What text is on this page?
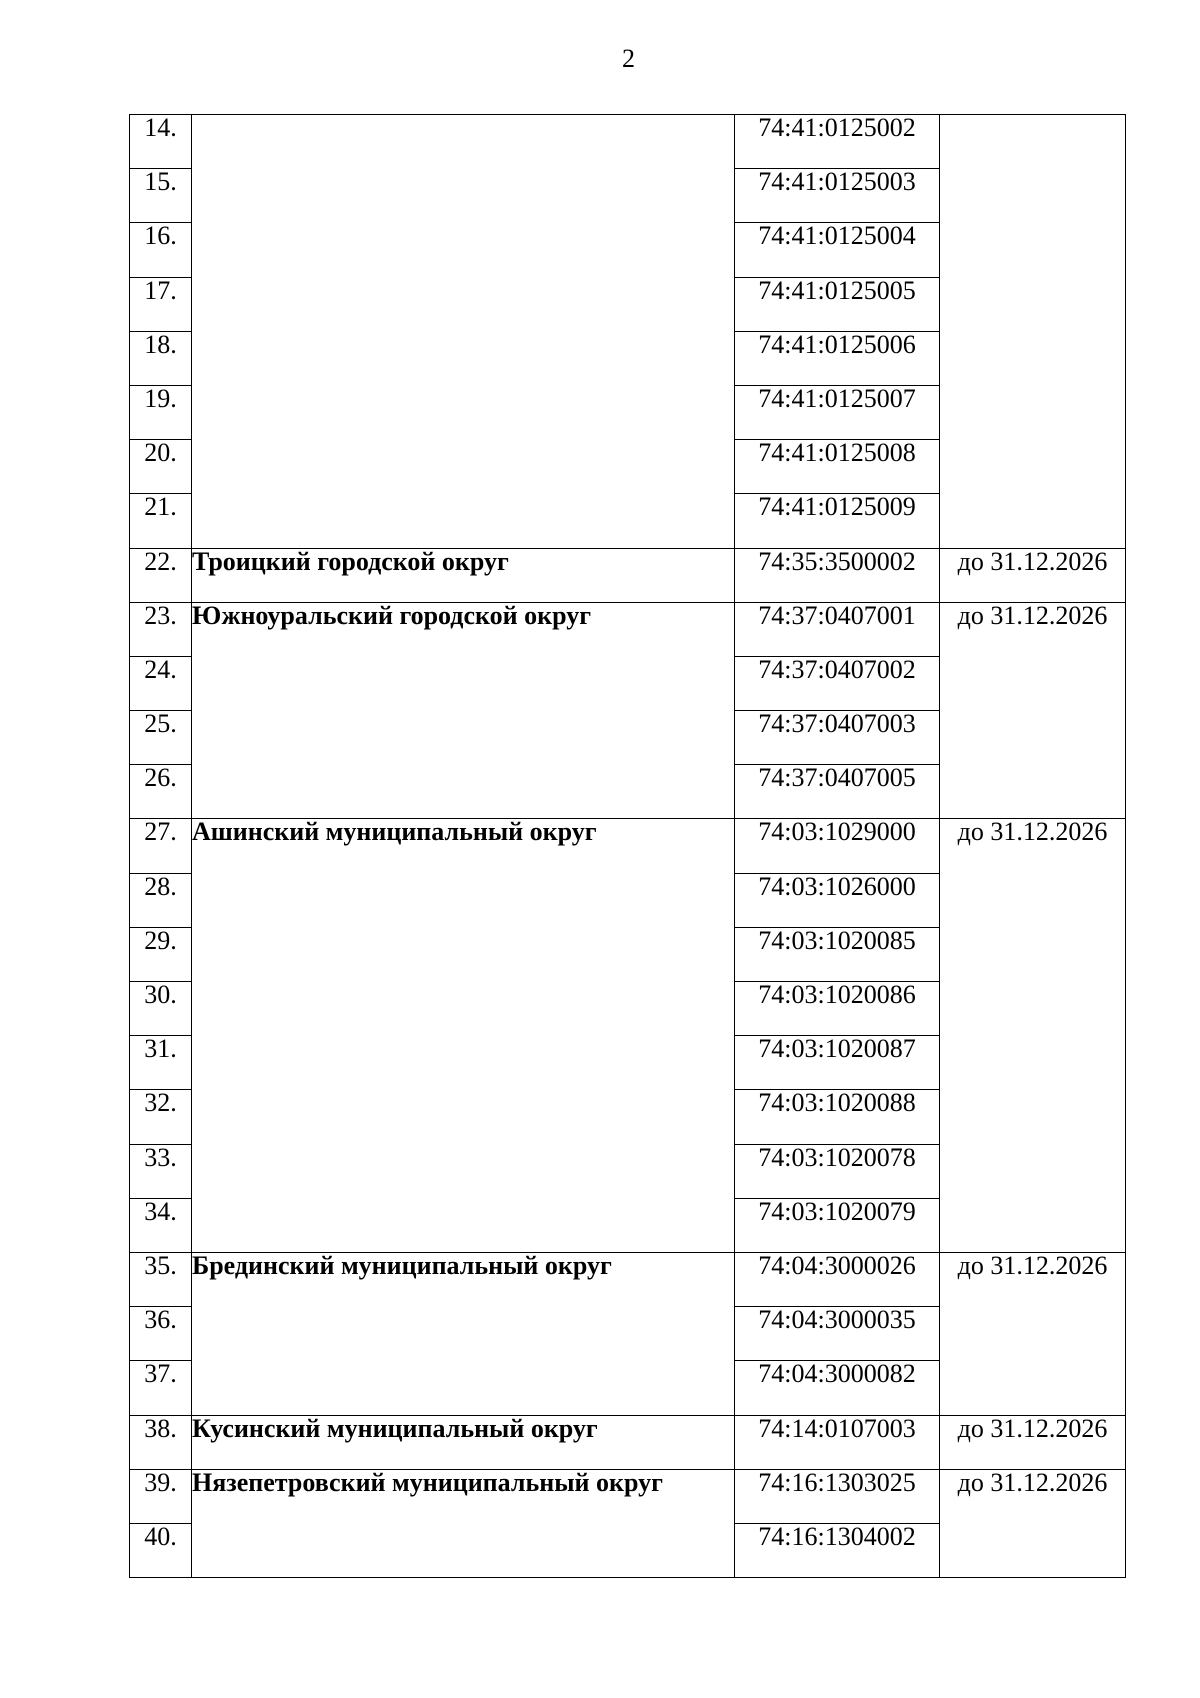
2
14.		74:41:0125002	
15.		74:41:0125003	
16.		74:41:0125004	
17.		74:41:0125005	
18.		74:41:0125006	
19.		74:41:0125007	
20.		74:41:0125008	
21.		74:41:0125009	
22.	Троицкий городской округ	74:35:3500002	до 31.12.2026
23.	Южноуральский городской округ	74:37:0407001	до 31.12.2026
24.		74:37:0407002	
25.		74:37:0407003	
26.		74:37:0407005	
27.	Ашинский муниципальный округ	74:03:1029000	до 31.12.2026
28.		74:03:1026000	
29.		74:03:1020085	
30.		74:03:1020086	
31.		74:03:1020087	
32.		74:03:1020088	
33.		74:03:1020078	
34.		74:03:1020079	
35.	Брединский муниципальный округ	74:04:3000026	до 31.12.2026
36.		74:04:3000035	
37.		74:04:3000082	
38.	Кусинский муниципальный округ	74:14:0107003	до 31.12.2026
39.	Нязепетровский муниципальный округ	74:16:1303025	до 31.12.2026
40.		74:16:1304002	
